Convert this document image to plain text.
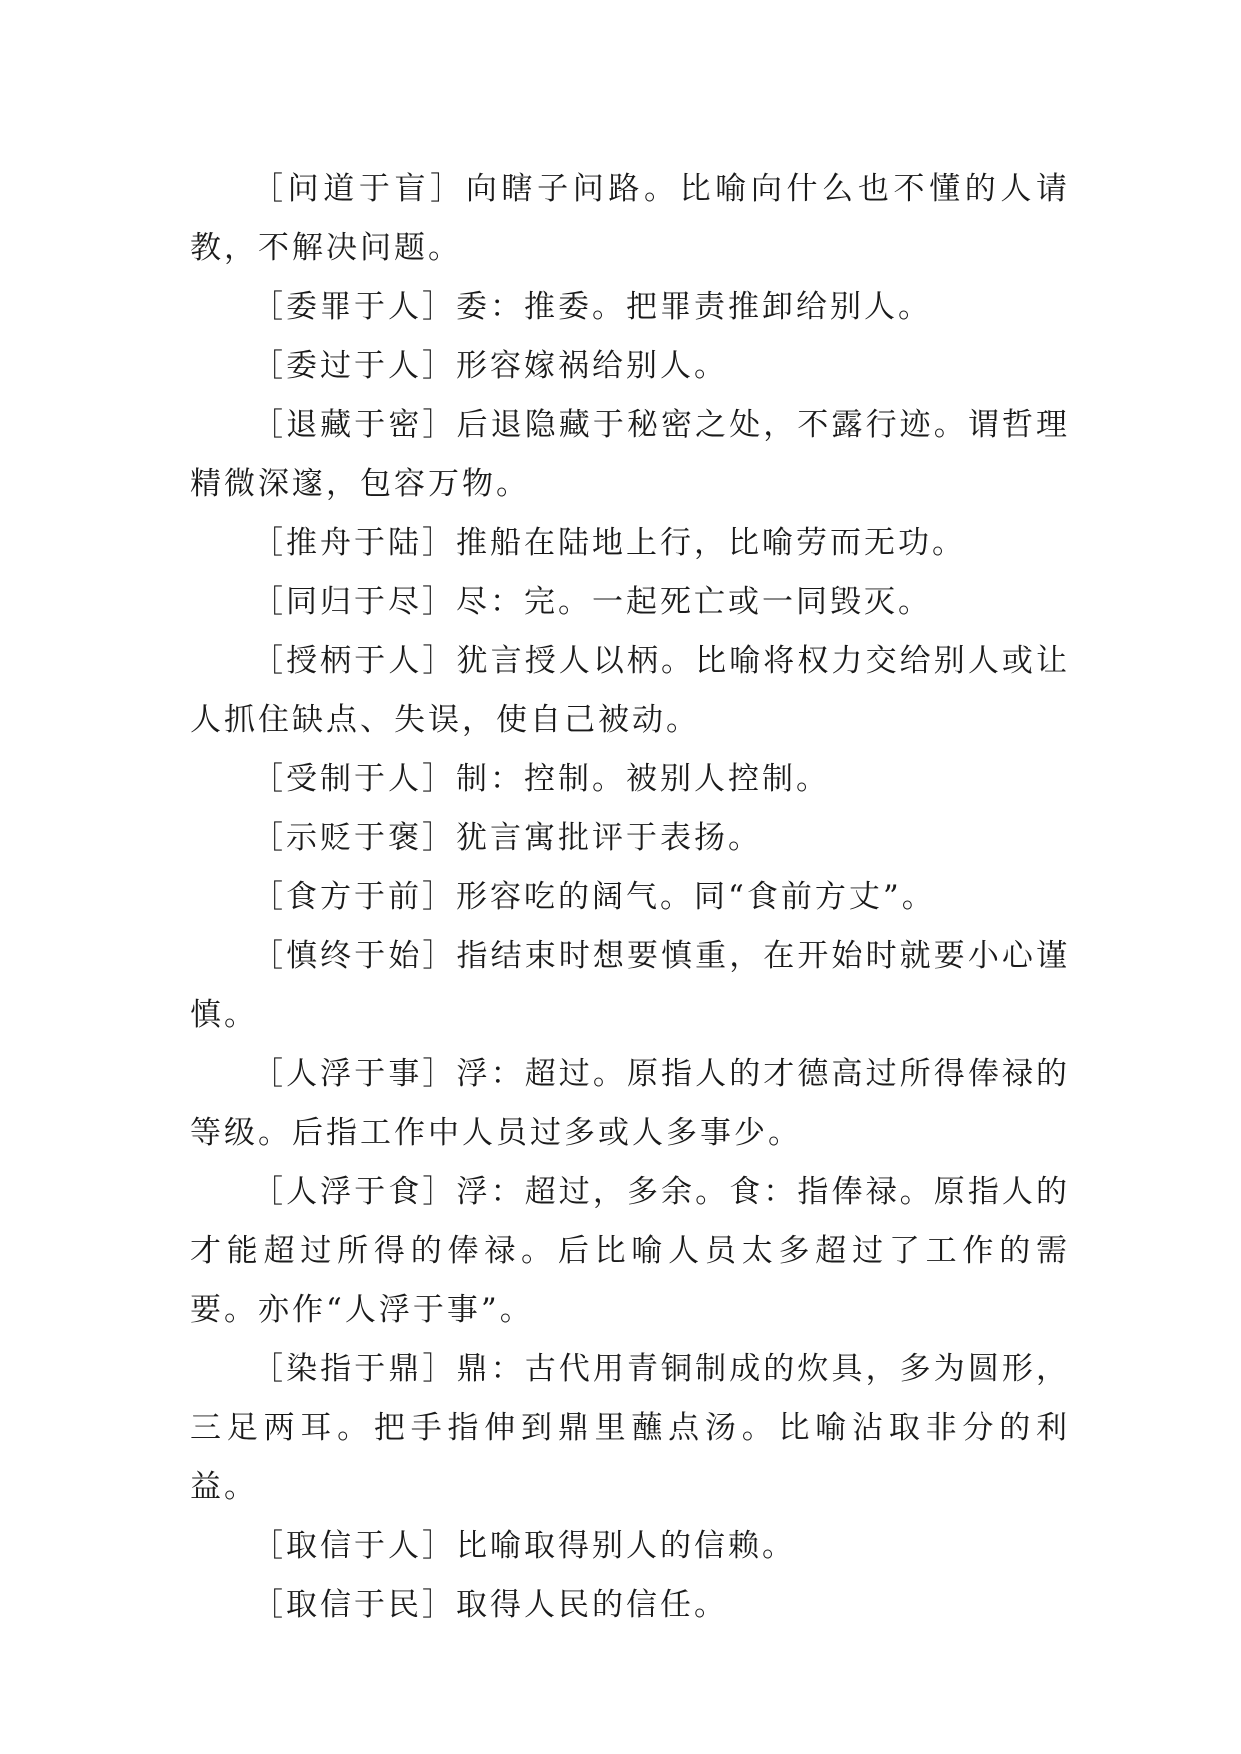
［问道于盲］向瞎子问路。比喻向什么也不懂的人请教，不解决问题。

［委罪于人］委：推委。把罪责推卸给别人。

［委过于人］形容嫁祸给别人。

［退藏于密］后退隐藏于秘密之处，不露行迹。谓哲理精微深邃，包容万物。

［推舟于陆］推船在陆地上行，比喻劳而无功。

［同归于尽］尽：完。一起死亡或一同毁灭。

［授柄于人］犹言授人以柄。比喻将权力交给别人或让人抓住缺点、失误，使自己被动。

［受制于人］制：控制。被别人控制。

［示贬于褒］犹言寓批评于表扬。

［食方于前］形容吃的阔气。同“食前方丈”。

［慎终于始］指结束时想要慎重，在开始时就要小心谨慎。

［人浮于事］浮：超过。原指人的才德高过所得俸禄的等级。后指工作中人员过多或人多事少。

［人浮于食］浮：超过，多余。食：指俸禄。原指人的才能超过所得的俸禄。后比喻人员太多超过了工作的需要。亦作“人浮于事”。

［染指于鼎］鼎：古代用青铜制成的炊具，多为圆形，三足两耳。把手指伸到鼎里蘸点汤。比喻沾取非分的利益。

［取信于人］比喻取得别人的信赖。

［取信于民］取得人民的信任。
